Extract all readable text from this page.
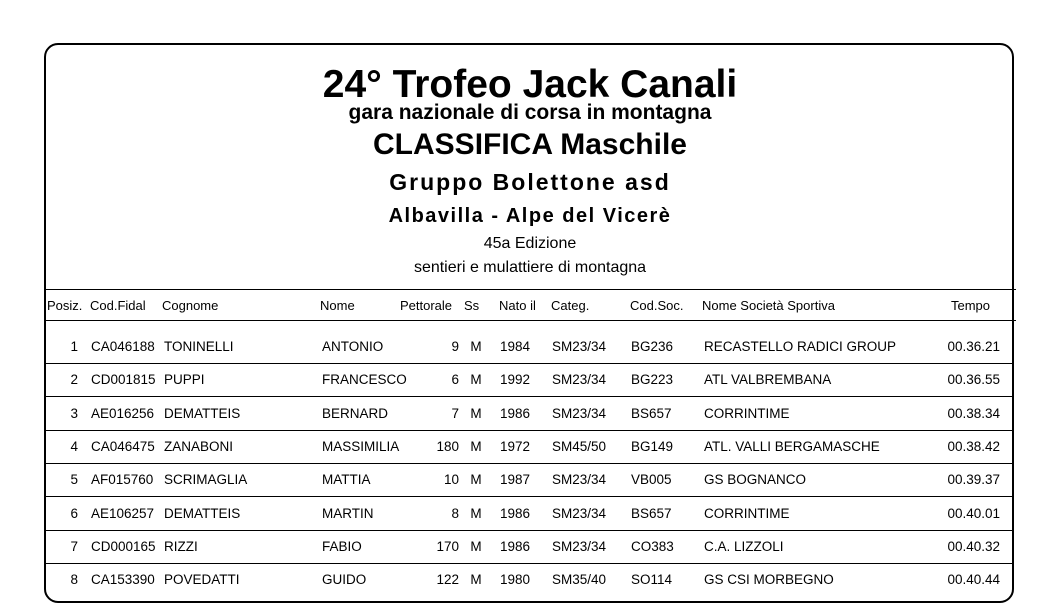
24° Trofeo Jack Canali
gara nazionale di corsa in montagna
CLASSIFICA Maschile
Gruppo Bolettone asd
Albavilla - Alpe del Vicerè
45a Edizione
sentieri e mulattiere di montagna
Posiz. Cod.Fidal Cognome	Nome	Pettorale Ss Nato il Categ.	Cod.Soc. Nome Società Sportiva	Tempo
1 CA046188 TONINELLI	ANTONIO	9 M	1984	SM23/34	BG236	RECASTELLO RADICI GROUP	00.36.21
2 CD001815 PUPPI	FRANCESCO	6 M	1992	SM23/34	BG223	ATL VALBREMBANA	00.36.55
3 AE016256 DEMATTEIS	BERNARD	7 M	1986	SM23/34	BS657	CORRINTIME	00.38.34
4 CA046475 ZANABONI	MASSIMILIA	180 M	1972	SM45/50	BG149	ATL. VALLI BERGAMASCHE	00.38.42
5 AF015760 SCRIMAGLIA	MATTIA	10 M	1987	SM23/34	VB005	GS BOGNANCO	00.39.37
6 AE106257 DEMATTEIS	MARTIN	8 M	1986	SM23/34	BS657	CORRINTIME	00.40.01
7 CD000165 RIZZI	FABIO	170 M	1986	SM23/34	CO383	C.A. LIZZOLI	00.40.32
8 CA153390 POVEDATTI	GUIDO	122 M	1980	SM35/40	SO114	GS CSI MORBEGNO	00.40.44
